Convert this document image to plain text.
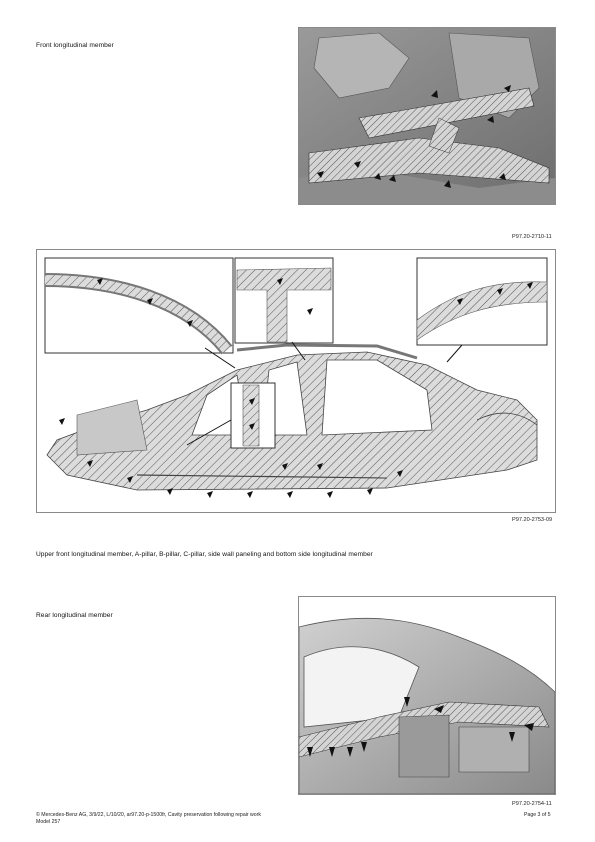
Front longitudinal member
P97.20-2710-11
P97.20-2753-09
Upper front longitudinal member, A-pillar, B-pillar, C-pillar, side wall paneling and bottom side longitudinal member
Rear longitudinal member
P97.20-2754-11
© Mercedes-Benz AG, 3/9/22, L/10/20, ar97.20-p-1500fr, Cavity preservation following repair work
Model 257
Page 3 of 5
